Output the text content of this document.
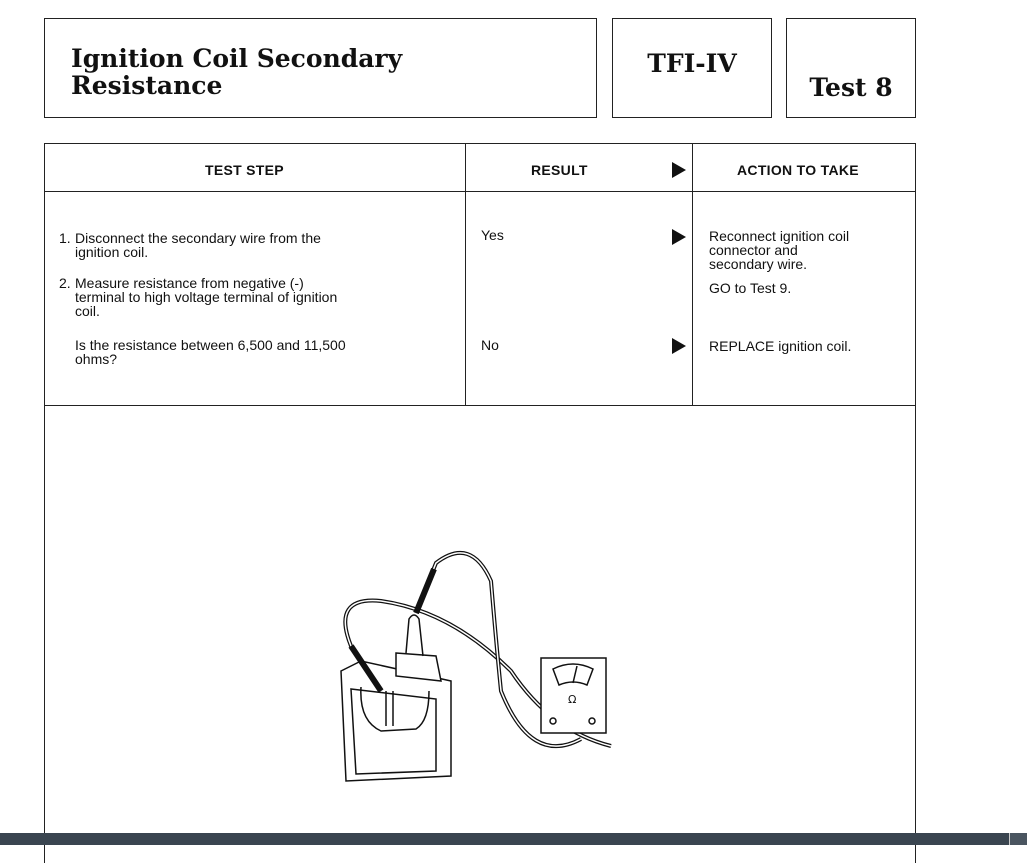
Ignition Coil Secondary
Resistance
TFI-IV
Test 8
TEST STEP	RESULT	ACTION TO TAKE
1. Disconnect the secondary wire from the
ignition coil.
2. Measure resistance from negative (-)
terminal to high voltage terminal of ignition
coil.
Is the resistance between 6,500 and 11,500
ohms?
Yes	Reconnect ignition coil
connector and
secondary wire.
GO to Test 9.
No	REPLACE ignition coil.
Ω
